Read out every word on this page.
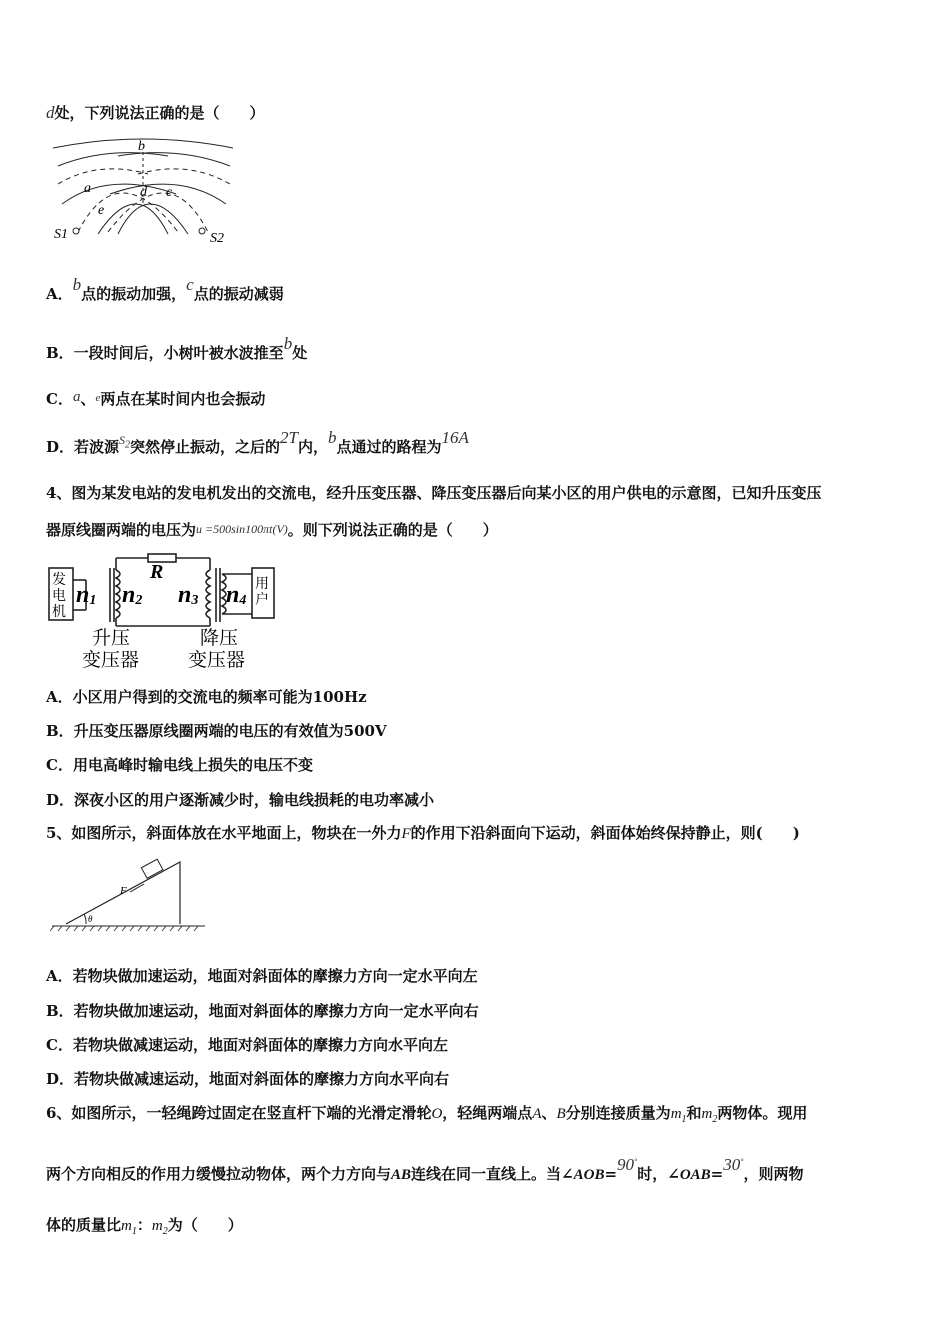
d处，下列说法正确的是（　　）
b
a	d c
e
S1	S2
A．b点的振动加强，c点的振动减弱
B．一段时间后，小树叶被水波推至b处
C．a、$^e$两点在某时间内也会振动
D．若波源$^{S_2}$突然停止振动，之后的2T内，b点通过的路程为16A
4、图为某发电站的发电机发出的交流电，经升压变压器、降压变压器后向某小区的用户供电的示意图，已知升压变压
器原线圈两端的电压为u =500sin100πt(V)。则下列说法正确的是（　　）
发
电
机
用
户
n1 n2
R
n3 n4
升压
变压器
降压
变压器
A．小区用户得到的交流电的频率可能为100Hz
B．升压变压器原线圈两端的电压的有效值为500V
C．用电高峰时输电线上损失的电压不变
D．深夜小区的用户逐渐减少时，输电线损耗的电功率减小
5、如图所示，斜面体放在水平地面上，物块在一外力F的作用下沿斜面向下运动，斜面体始终保持静止，则(　　)
F
θ
A．若物块做加速运动，地面对斜面体的摩擦力方向一定水平向左
B．若物块做加速运动，地面对斜面体的摩擦力方向一定水平向右
C．若物块做减速运动，地面对斜面体的摩擦力方向水平向左
D．若物块做减速运动，地面对斜面体的摩擦力方向水平向右
6、如图所示，一轻绳跨过固定在竖直杆下端的光滑定滑轮O，轻绳两端点A、B分别连接质量为$m_1$和$m_2$两物体。现用
两个方向相反的作用力缓慢拉动物体，两个力方向与AB连线在同一直线上。当∠AOB=90°时，∠OAB=30°，则两物
体的质量比$m_1$：$m_2$为（　　）
